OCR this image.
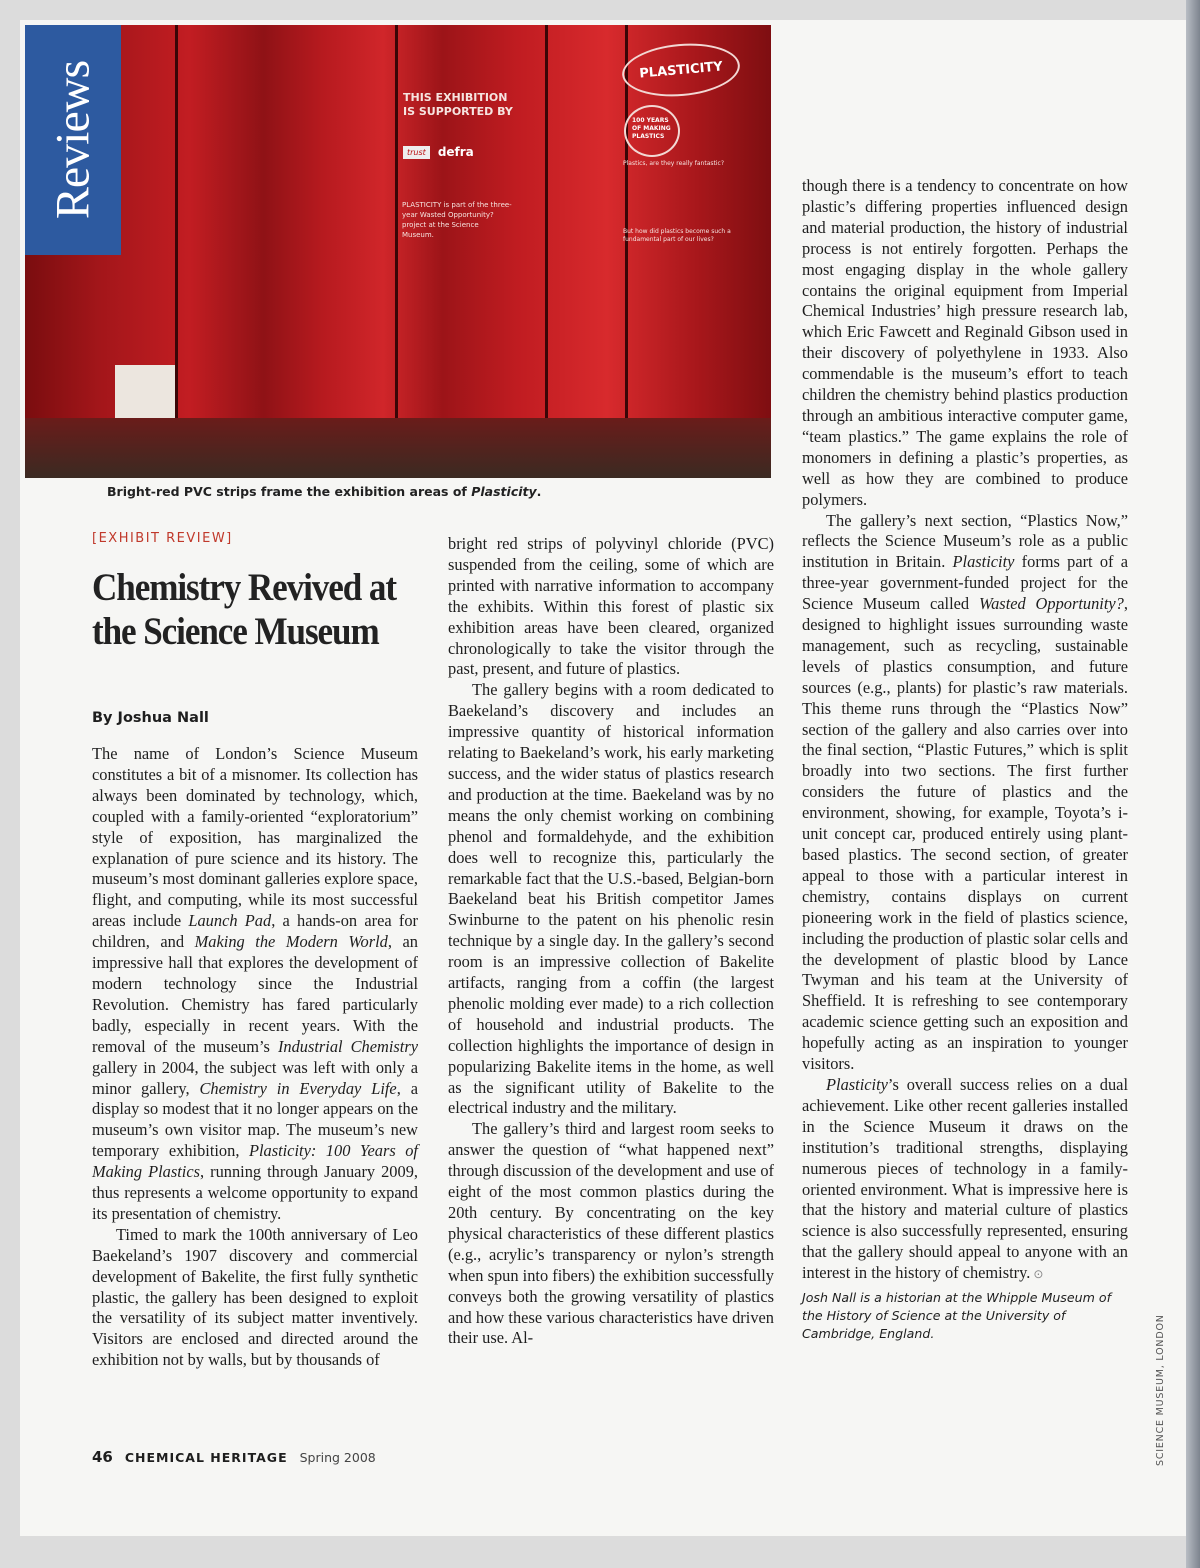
THIS EXHIBITION IS SUPPORTED BY
trust	defra
PLASTICITY is part of the three-year Wasted Opportunity? project at the Science Museum.
PLASTICITY
100 YEARS OF MAKING PLASTICS
Plastics, are they really fantastic?
But how did plastics become such a fundamental part of our lives?
Reviews
Bright-red PVC strips frame the exhibition areas of Plasticity.
[EXHIBIT REVIEW]
Chemistry Revived at the Science Museum
By Joshua Nall

The name of London’s Science Museum constitutes a bit of a misnomer. Its collection has always been dominated by technology, which, coupled with a family-oriented “exploratorium” style of exposition, has marginalized the explanation of pure science and its history. The museum’s most dominant galleries explore space, flight, and computing, while its most successful areas include Launch Pad, a hands-on area for children, and Making the Modern World, an impressive hall that explores the development of modern technology since the Industrial Revolution. Chemistry has fared particularly badly, especially in recent years. With the removal of the museum’s Industrial Chemistry gallery in 2004, the subject was left with only a minor gallery, Chemistry in Everyday Life, a display so modest that it no longer appears on the museum’s own visitor map. The museum’s new temporary exhibition, Plasticity: 100 Years of Making Plastics, running through January 2009, thus represents a welcome opportunity to expand its presentation of chemistry.

Timed to mark the 100th anniversary of Leo Baekeland’s 1907 discovery and commercial development of Bakelite, the first fully synthetic plastic, the gallery has been designed to exploit the versatility of its subject matter inventively. Visitors are enclosed and directed around the exhibition not by walls, but by thousands of

bright red strips of polyvinyl chloride (PVC) suspended from the ceiling, some of which are printed with narrative information to accompany the exhibits. Within this forest of plastic six exhibition areas have been cleared, organized chronologically to take the visitor through the past, present, and future of plastics.

The gallery begins with a room dedicated to Baekeland’s discovery and includes an impressive quantity of historical information relating to Baekeland’s work, his early marketing success, and the wider status of plastics research and production at the time. Baekeland was by no means the only chemist working on combining phenol and formaldehyde, and the exhibition does well to recognize this, particularly the remarkable fact that the U.S.-based, Belgian-born Baekeland beat his British competitor James Swinburne to the patent on his phenolic resin technique by a single day. In the gallery’s second room is an impressive collection of Bakelite artifacts, ranging from a coffin (the largest phenolic molding ever made) to a rich collection of household and industrial products. The collection highlights the importance of design in popularizing Bakelite items in the home, as well as the significant utility of Bakelite to the electrical industry and the military.

The gallery’s third and largest room seeks to answer the question of “what happened next” through discussion of the development and use of eight of the most common plastics during the 20th century. By concentrating on the key physical characteristics of these different plastics (e.g., acrylic’s transparency or nylon’s strength when spun into fibers) the exhibition successfully conveys both the growing versatility of plastics and how these various characteristics have driven their use. Al-

though there is a tendency to concentrate on how plastic’s differing properties influenced design and material production, the history of industrial process is not entirely forgotten. Perhaps the most engaging display in the whole gallery contains the original equipment from Imperial Chemical Industries’ high pressure research lab, which Eric Fawcett and Reginald Gibson used in their discovery of polyethylene in 1933. Also commendable is the museum’s effort to teach children the chemistry behind plastics production through an ambitious interactive computer game, “team plastics.” The game explains the role of monomers in defining a plastic’s properties, as well as how they are combined to produce polymers.

The gallery’s next section, “Plastics Now,” reflects the Science Museum’s role as a public institution in Britain. Plasticity forms part of a three-year government-funded project for the Science Museum called Wasted Opportunity?, designed to highlight issues surrounding waste management, such as recycling, sustainable levels of plastics consumption, and future sources (e.g., plants) for plastic’s raw materials. This theme runs through the “Plastics Now” section of the gallery and also carries over into the final section, “Plastic Futures,” which is split broadly into two sections. The first further considers the future of plastics and the environment, showing, for example, Toyota’s i-unit concept car, produced entirely using plant-based plastics. The second section, of greater appeal to those with a particular interest in chemistry, contains displays on current pioneering work in the field of plastics science, including the production of plastic solar cells and the development of plastic blood by Lance Twyman and his team at the University of Sheffield. It is refreshing to see contemporary academic science getting such an exposition and hopefully acting as an inspiration to younger visitors.

Plasticity’s overall success relies on a dual achievement. Like other recent galleries installed in the Science Museum it draws on the institution’s traditional strengths, displaying numerous pieces of technology in a family-oriented environment. What is impressive here is that the history and material culture of plastics science is also successfully represented, ensuring that the gallery should appeal to anyone with an interest in the history of chemistry. ⊙

Josh Nall is a historian at the Whipple Museum of the History of Science at the University of Cambridge, England.

46 CHEMICAL HERITAGE Spring 2008	SCIENCE MUSEUM, LONDON
